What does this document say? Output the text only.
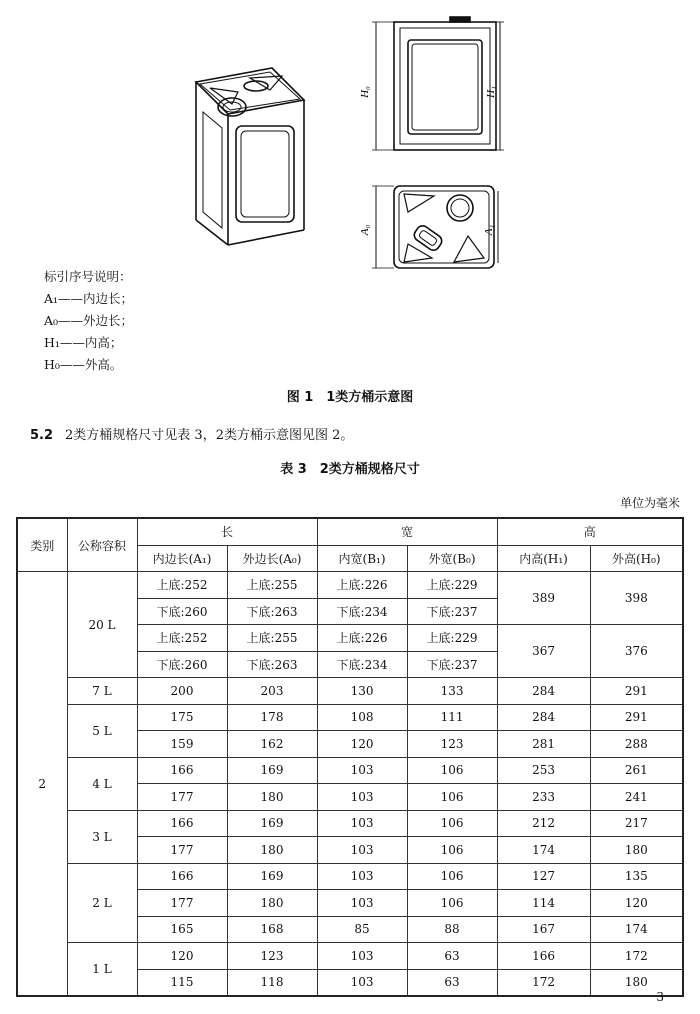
H₀	H₁
A₀	A₁
标引序号说明：
A₁——内边长；
A₀——外边长；
H₁——内高；
H₀——外高。
图 1　1类方桶示意图
5.2 2类方桶规格尺寸见表 3，2类方桶示意图见图 2。
表 3　2类方桶规格尺寸
单位为毫米
类别	公称容积	长		宽		高	
		内边长(A₁)	外边长(A₀)	内宽(B₁)	外宽(B₀)	内高(H₁)	外高(H₀)
2	20 L	上底:252	上底:255	上底:226	上底:229	389	398
		下底:260	下底:263	下底:234	下底:237		
		上底:252	上底:255	上底:226	上底:229	367	376
		下底:260	下底:263	下底:234	下底:237		
	7 L	200	203	130	133	284	291
	5 L	175	178	108	111	284	291
		159	162	120	123	281	288
	4 L	166	169	103	106	253	261
		177	180	103	106	233	241
	3 L	166	169	103	106	212	217
		177	180	103	106	174	180
	2 L	166	169	103	106	127	135
		177	180	103	106	114	120
		165	168	85	88	167	174
	1 L	120	123	103	63	166	172
		115	118	103	63	172	180
3
